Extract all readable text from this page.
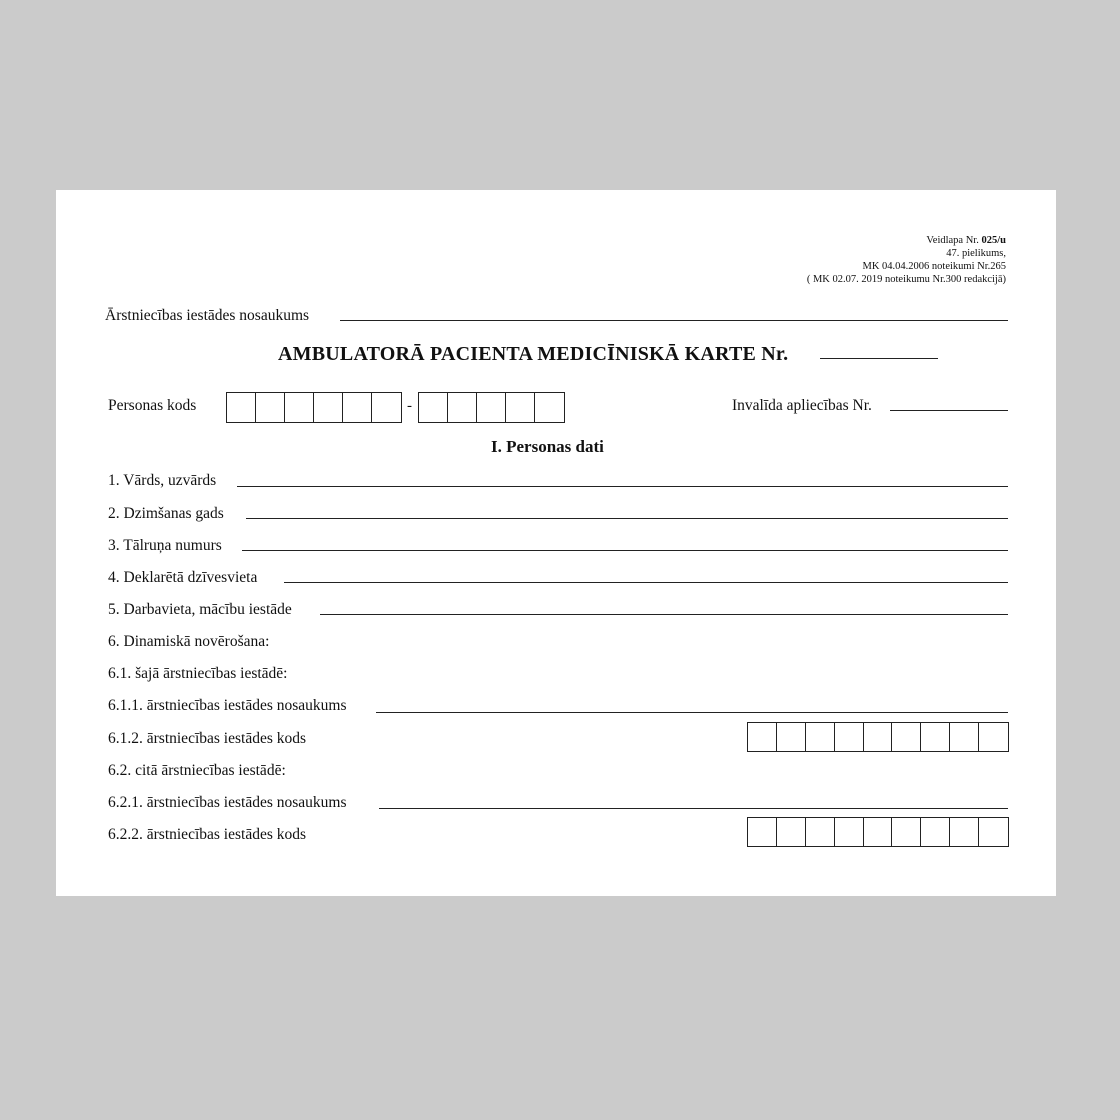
Veidlapa Nr. 025/u
47. pielikums,
MK 04.04.2006 noteikumi Nr.265
( MK 02.07. 2019 noteikumu Nr.300 redakcijā)
Ārstniecības iestādes nosaukums
AMBULATORĀ PACIENTA MEDICĪNISKĀ KARTE Nr.
Personas kods	-	Invalīda apliecības Nr.
I. Personas dati
1. Vārds, uzvārds
2. Dzimšanas gads
3. Tālruņa numurs
4. Deklarētā dzīvesvieta
5. Darbavieta, mācību iestāde
6. Dinamiskā novērošana:
6.1. šajā ārstniecības iestādē:
6.1.1. ārstniecības iestādes nosaukums
6.1.2. ārstniecības iestādes kods
6.2. citā ārstniecības iestādē:
6.2.1. ārstniecības iestādes nosaukums
6.2.2. ārstniecības iestādes kods
